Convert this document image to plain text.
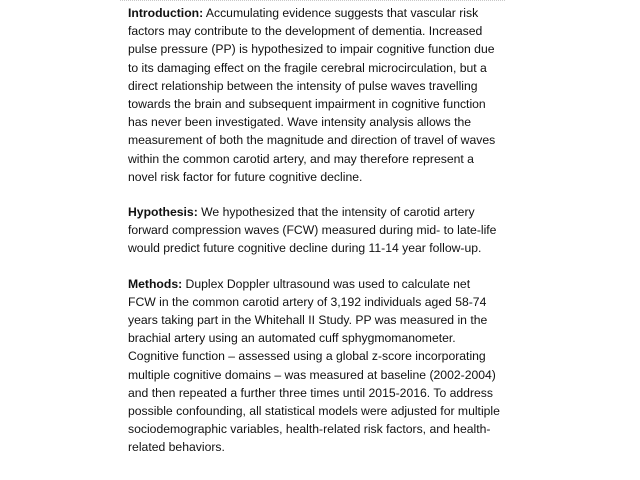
Introduction: Accumulating evidence suggests that vascular risk factors may contribute to the development of dementia. Increased pulse pressure (PP) is hypothesized to impair cognitive function due to its damaging effect on the fragile cerebral microcirculation, but a direct relationship between the intensity of pulse waves travelling towards the brain and subsequent impairment in cognitive function has never been investigated. Wave intensity analysis allows the measurement of both the magnitude and direction of travel of waves within the common carotid artery, and may therefore represent a novel risk factor for future cognitive decline.

Hypothesis: We hypothesized that the intensity of carotid artery forward compression waves (FCW) measured during mid- to late-life would predict future cognitive decline during 11-14 year follow-up.

Methods: Duplex Doppler ultrasound was used to calculate net FCW in the common carotid artery of 3,192 individuals aged 58-74 years taking part in the Whitehall II Study. PP was measured in the brachial artery using an automated cuff sphygmomanometer. Cognitive function – assessed using a global z-score incorporating multiple cognitive domains – was measured at baseline (2002-2004) and then repeated a further three times until 2015-2016. To address possible confounding, all statistical models were adjusted for multiple sociodemographic variables, health-related risk factors, and health-related behaviors.
